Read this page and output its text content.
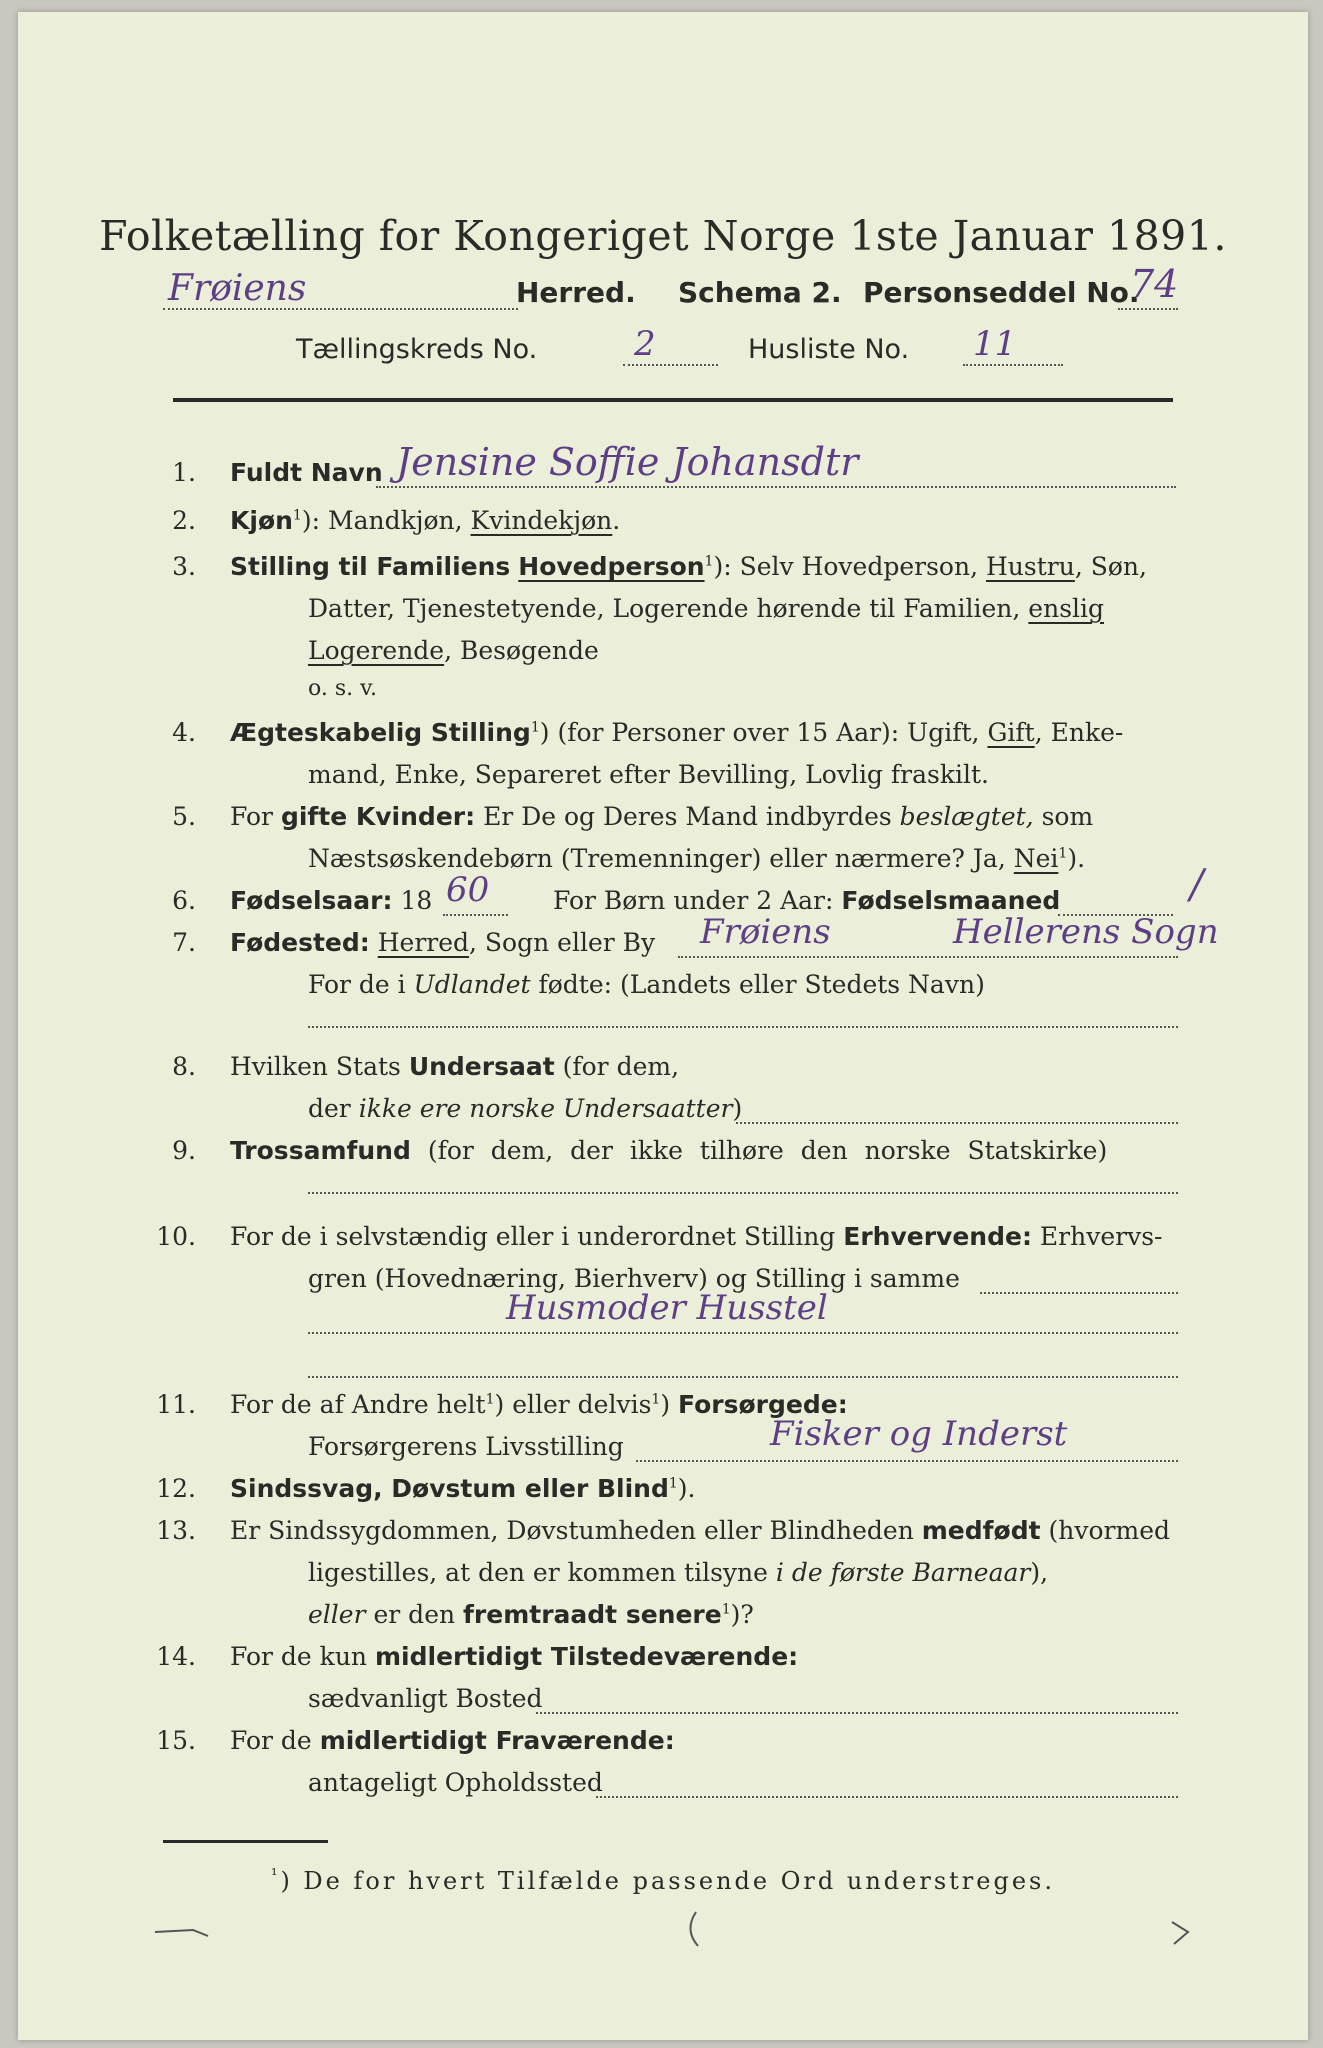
Folketælling for Kongeriget Norge 1ste Januar 1891.
Frøiens	Herred. Schema 2. Personseddel No.
74
Tællingskreds No.	2	Husliste No. 11
1. Fuldt Navn Jensine Soffie Johansdtr
2. Kjøn$^1$): Mandkjøn, Kvindekjøn.
3. Stilling til Familiens Hovedperson$^1$): Selv Hovedperson, Hustru, Søn,
Datter, Tjenestetyende, Logerende hørende til Familien, enslig
Logerende, Besøgende
o. s. v.
4. Ægteskabelig Stilling$^1$) (for Personer over 15 Aar): Ugift, Gift, Enke-
mand, Enke, Separeret efter Bevilling, Lovlig fraskilt.
5. For gifte Kvinder: Er De og Deres Mand indbyrdes beslægtet, som
Næstsøskendebørn (Tremenninger) eller nærmere? Ja, Nei$^1$).
6. Fødselsaar: 18 60	For Børn under 2 Aar: Fødselsmaaned	/
7. Fødested: Herred, Sogn eller By Frøiens	Hellerens Sogn
For de i Udlandet fødte: (Landets eller Stedets Navn)
8. Hvilken Stats Undersaat (for dem,
der ikke ere norske Undersaatter)
9. Trossamfund (for dem, der ikke tilhøre den norske Statskirke)
10. For de i selvstændig eller i underordnet Stilling Erhvervende: Erhvervs-
gren (Hovednæring, Bierhverv) og Stilling i samme
Husmoder Husstel
11. For de af Andre helt$^1$) eller delvis$^1$) Forsørgede:
Forsørgerens Livsstilling	Fisker og Inderst
12. Sindssvag, Døvstum eller Blind$^1$).
13. Er Sindssygdommen, Døvstumheden eller Blindheden medfødt (hvormed
ligestilles, at den er kommen tilsyne i de første Barneaar),
eller er den fremtraadt senere$^1$)?
14. For de kun midlertidigt Tilstedeværende:
sædvanligt Bosted
15. For de midlertidigt Fraværende:
antageligt Opholdssted
$^{^1}$) De for hvert Tilfælde passende Ord understreges.
